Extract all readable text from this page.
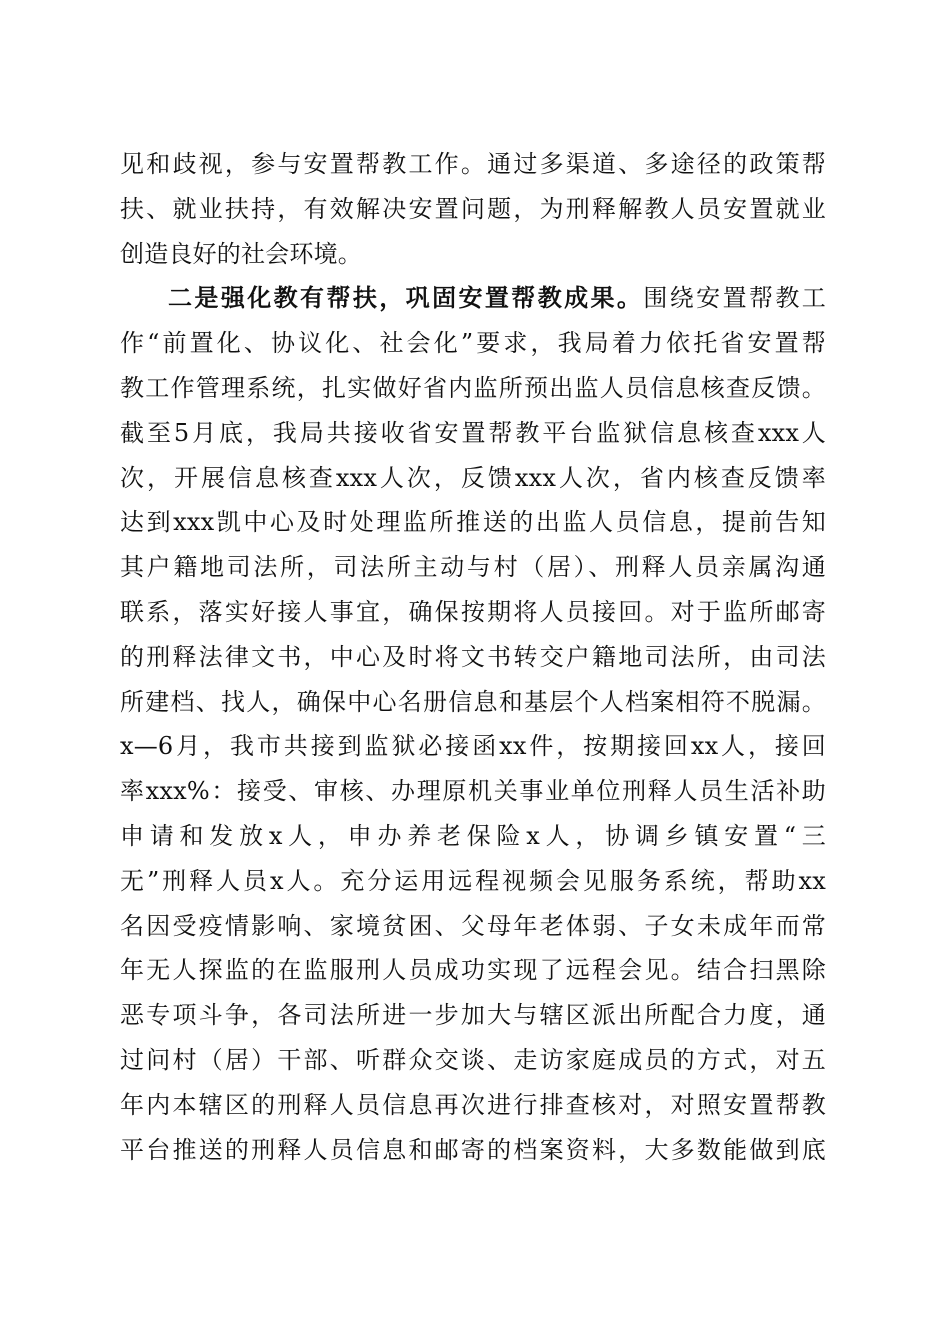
见和歧视，参与安置帮教工作。通过多渠道、多途径的政策帮
扶、就业扶持，有效解决安置问题，为刑释解教人员安置就业
创造良好的社会环境。
二是强化教有帮扶，巩固安置帮教成果。围绕安置帮教工
作“前置化、协议化、社会化”要求，我局着力依托省安置帮
教工作管理系统，扎实做好省内监所预出监人员信息核查反馈。
截至5月底，我局共接收省安置帮教平台监狱信息核查xxx人
次，开展信息核查xxx人次，反馈xxx人次，省内核查反馈率
达到xxx凯中心及时处理监所推送的出监人员信息，提前告知
其户籍地司法所，司法所主动与村（居）、刑释人员亲属沟通
联系，落实好接人事宜，确保按期将人员接回。对于监所邮寄
的刑释法律文书，中心及时将文书转交户籍地司法所，由司法
所建档、找人，确保中心名册信息和基层个人档案相符不脱漏。
x—6月，我市共接到监狱必接函xx件，按期接回xx人，接回
率xxx%：接受、审核、办理原机关事业单位刑释人员生活补助
申请和发放x人，申办养老保险x人，协调乡镇安置“三
无”刑释人员x人。充分运用远程视频会见服务系统，帮助xx
名因受疫情影响、家境贫困、父母年老体弱、子女未成年而常
年无人探监的在监服刑人员成功实现了远程会见。结合扫黑除
恶专项斗争，各司法所进一步加大与辖区派出所配合力度，通
过问村（居）干部、听群众交谈、走访家庭成员的方式，对五
年内本辖区的刑释人员信息再次进行排查核对，对照安置帮教
平台推送的刑释人员信息和邮寄的档案资料，大多数能做到底
